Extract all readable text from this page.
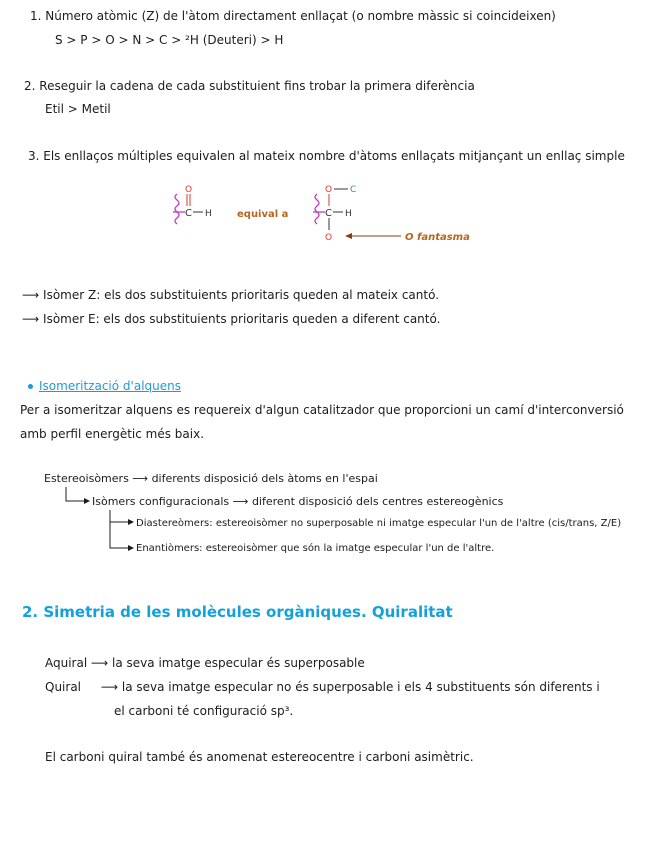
1. Número atòmic (Z) de l'àtom directament enllaçat (o nombre màssic si coincideixen)
S > P > O > N > C > ²H (Deuteri) > H
2. Reseguir la cadena de cada substituient fins trobar la primera diferència
Etil > Metil
3. Els enllaços múltiples equivalen al mateix nombre d'àtoms enllaçats mitjançant un enllaç simple
C H
O
equival a	C H
O C
O	O fantasma
⟶ Isòmer Z: els dos substituients prioritaris queden al mateix cantó.
⟶ Isòmer E: els dos substituients prioritaris queden a diferent cantó.
Isomerització d'alquens
Per a isomeritzar alquens es requereix d'algun catalitzador que proporcioni un camí d'interconversió
amb perfil energètic més baix.
Estereoisòmers ⟶ diferents disposició dels àtoms en l'espai
Isòmers configuracionals ⟶ diferent disposició dels centres estereogènics
Diastereòmers: estereoisòmer no superposable ni imatge especular l'un de l'altre (cis/trans, Z/E)
Enantiòmers: estereoisòmer que són la imatge especular l'un de l'altre.
2. Simetria de les molècules orgàniques. Quiralitat
Aquiral ⟶ la seva imatge especular és superposable
Quiral ⟶ la seva imatge especular no és superposable i els 4 substituents són diferents i
el carboni té configuració sp³.
El carboni quiral també és anomenat estereocentre i carboni asimètric.
